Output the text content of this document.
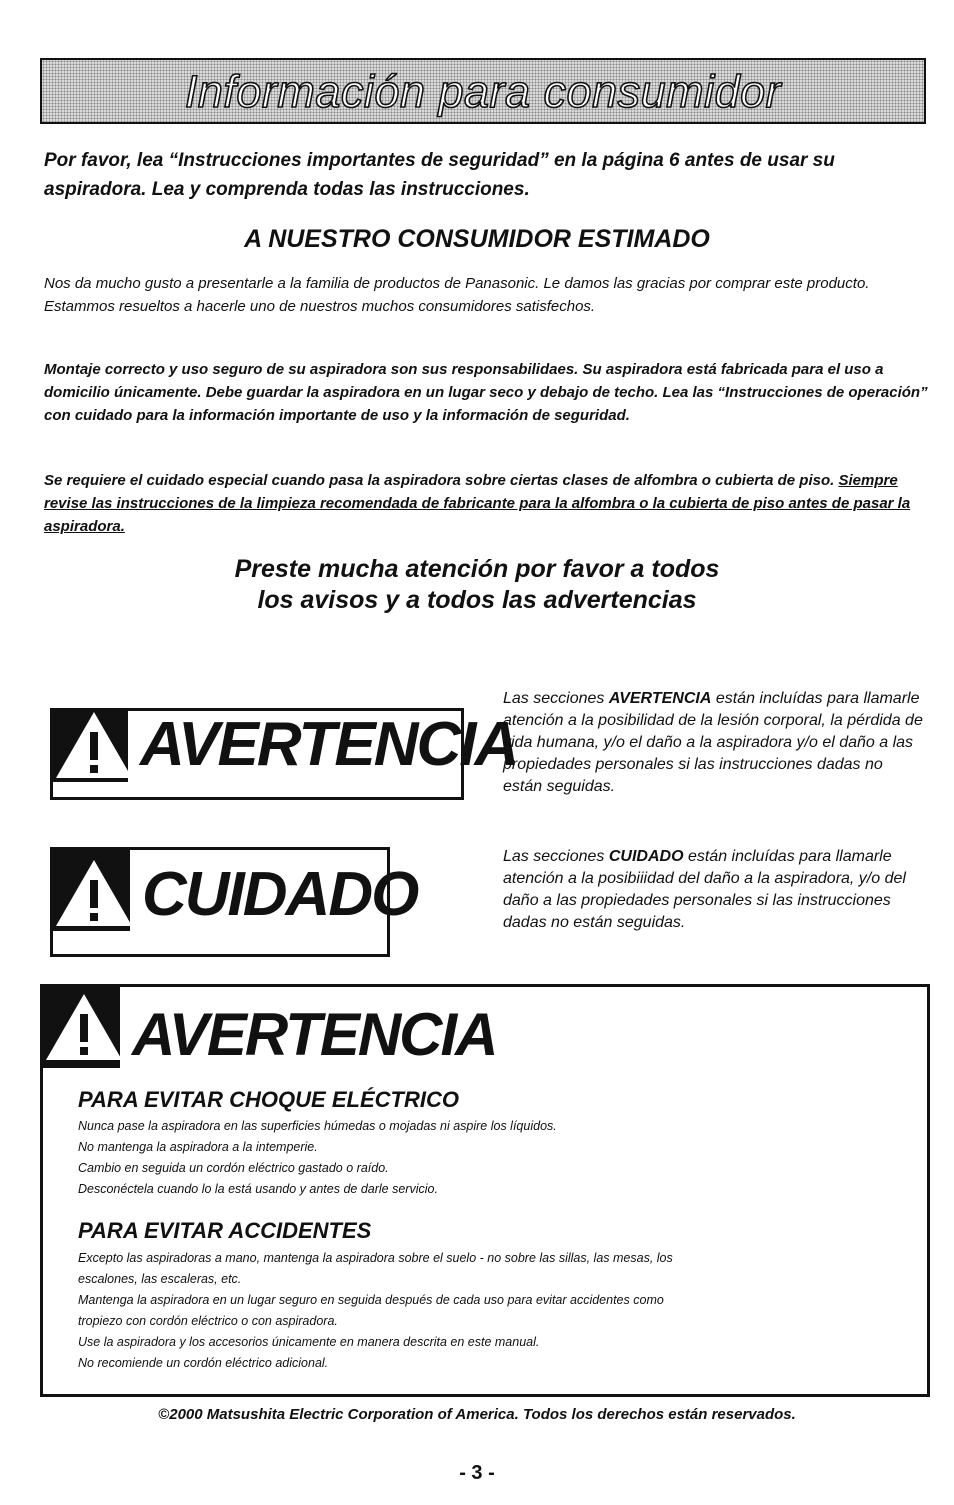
Información para consumidor
Por favor, lea “Instrucciones importantes de seguridad” en la página 6 antes de usar su aspiradora. Lea y comprenda todas las instrucciones.
A NUESTRO CONSUMIDOR ESTIMADO
Nos da mucho gusto a presentarle a la familia de productos de Panasonic. Le damos las gracias por comprar este producto. Estammos resueltos a hacerle uno de nuestros muchos consumidores satisfechos.
Montaje correcto y uso seguro de su aspiradora son sus responsabilidaes. Su aspiradora está fabricada para el uso a domicilio únicamente. Debe guardar la aspiradora en un lugar seco y debajo de techo. Lea las “Instrucciones de operación” con cuidado para la información importante de uso y la información de seguridad.
Se requiere el cuidado especial cuando pasa la aspiradora sobre ciertas clases de alfombra o cubierta de piso. Siempre revise las instrucciones de la limpieza recomendada de fabricante para la alfombra o la cubierta de piso antes de pasar la aspiradora.
Preste mucha atención por favor a todos
los avisos y a todos las advertencias
AVERTENCIA
Las secciones AVERTENCIA están incluídas para llamarle atención a la posibilidad de la lesión corporal, la pérdida de vida humana, y/o el daño a la aspiradora y/o el daño a las propiedades personales si las instrucciones dadas no están seguidas.
CUIDADO
Las secciones CUIDADO están incluídas para llamarle atención a la posibiiidad del daño a la aspiradora, y/o del daño a las propiedades personales si las instrucciones dadas no están seguidas.
AVERTENCIA
PARA EVITAR CHOQUE ELÉCTRICO
Nunca pase la aspiradora en las superficies húmedas o mojadas ni aspire los líquidos.
No mantenga la aspiradora a la intemperie.
Cambio en seguida un cordón eléctrico gastado o raído.
Desconéctela cuando lo la está usando y antes de darle servicio.
PARA EVITAR ACCIDENTES
Excepto las aspiradoras a mano, mantenga la aspiradora sobre el suelo - no sobre las sillas, las mesas, los
escalones, las escaleras, etc.
Mantenga la aspiradora en un lugar seguro en seguida después de cada uso para evitar accidentes como
tropiezo con cordón eléctrico o con aspiradora.
Use la aspiradora y los accesorios únicamente en manera descrita en este manual.
No recomiende un cordón eléctrico adicional.
©2000 Matsushita Electric Corporation of America. Todos los derechos están reservados.
- 3 -
